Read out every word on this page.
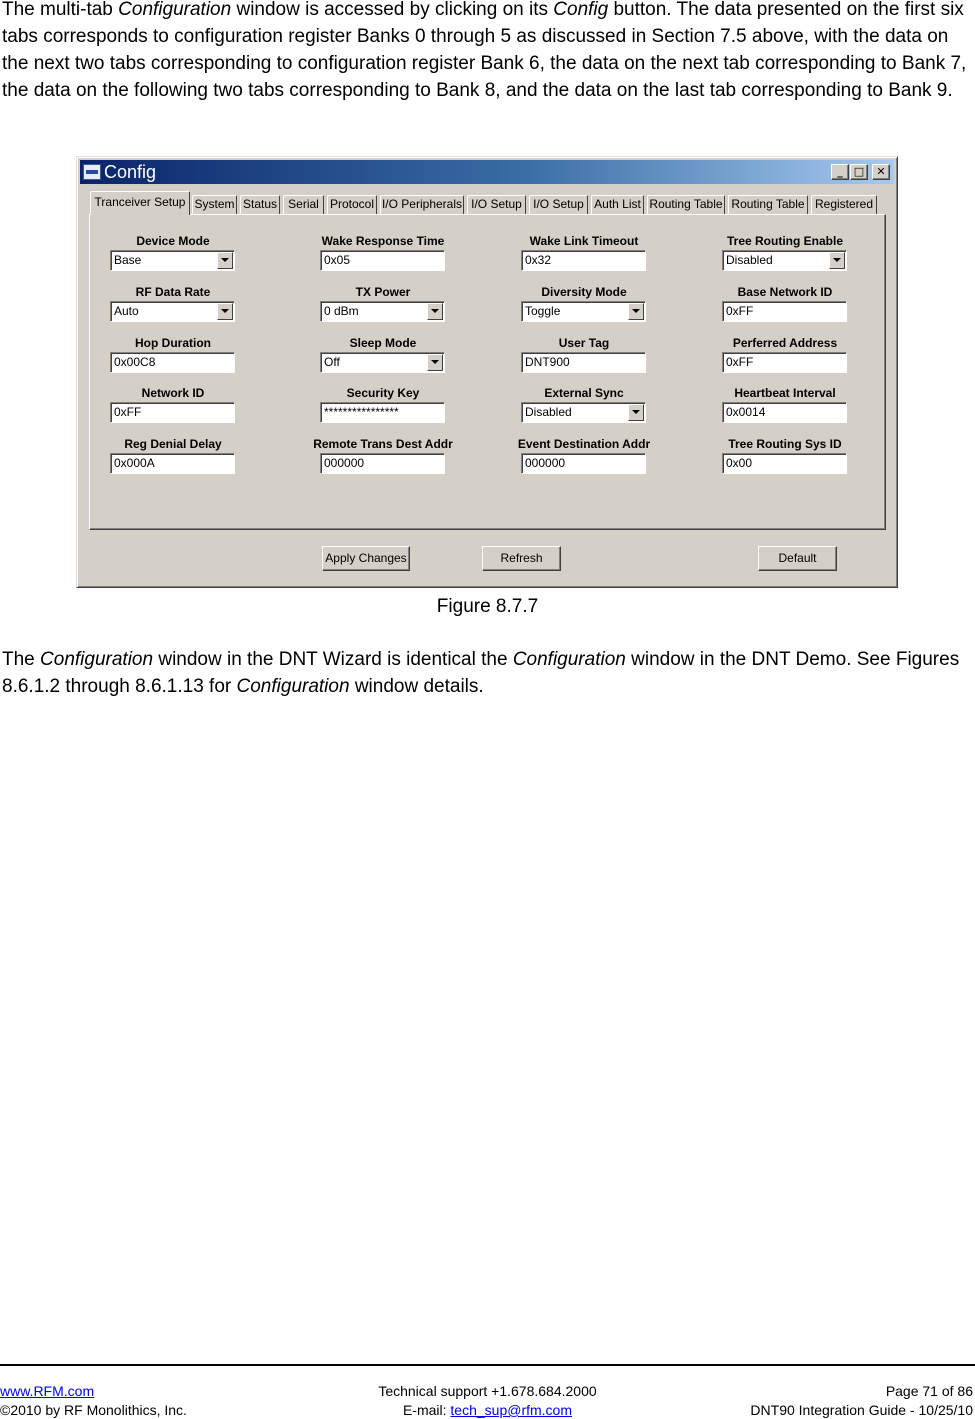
The multi-tab Configuration window is accessed by clicking on its Config button. The data presented on the first six tabs corresponds to configuration register Banks 0 through 5 as discussed in Section 7.5 above, with the data on the next two tabs corresponding to configuration register Bank 6, the data on the next tab corresponding to Bank 7, the data on the following two tabs corresponding to Bank 8, and the data on the last tab corresponding to Bank 9.

Config	_	□	✕
Tranceiver Setup System Status Serial Protocol I/O Peripherals I/O Setup I/O Setup Auth List Routing Table Routing Table Registered
Apply Changes	Refresh	Default
Device Mode
Base
RF Data Rate
Auto
Hop Duration
0x00C8
Network ID
0xFF
Reg Denial Delay
0x000A
Wake Response Time
0x05
TX Power
0 dBm
Sleep Mode
Off
Security Key
****************
Remote Trans Dest Addr
000000
Wake Link Timeout
0x32
Diversity Mode
Toggle
User Tag
DNT900
External Sync
Disabled
Event Destination Addr
000000
Tree Routing Enable
Disabled
Base Network ID
0xFF
Perferred Address
0xFF
Heartbeat Interval
0x0014
Tree Routing Sys ID
0x00
Figure 8.7.7

The Configuration window in the DNT Wizard is identical the Configuration window in the DNT Demo. See Figures 8.6.1.2 through 8.6.1.13 for Configuration window details.

www.RFM.com
©2010 by RF Monolithics, Inc.
Technical support +1.678.684.2000
E-mail: tech_sup@rfm.com
Page 71 of 86
DNT90 Integration Guide - 10/25/10
